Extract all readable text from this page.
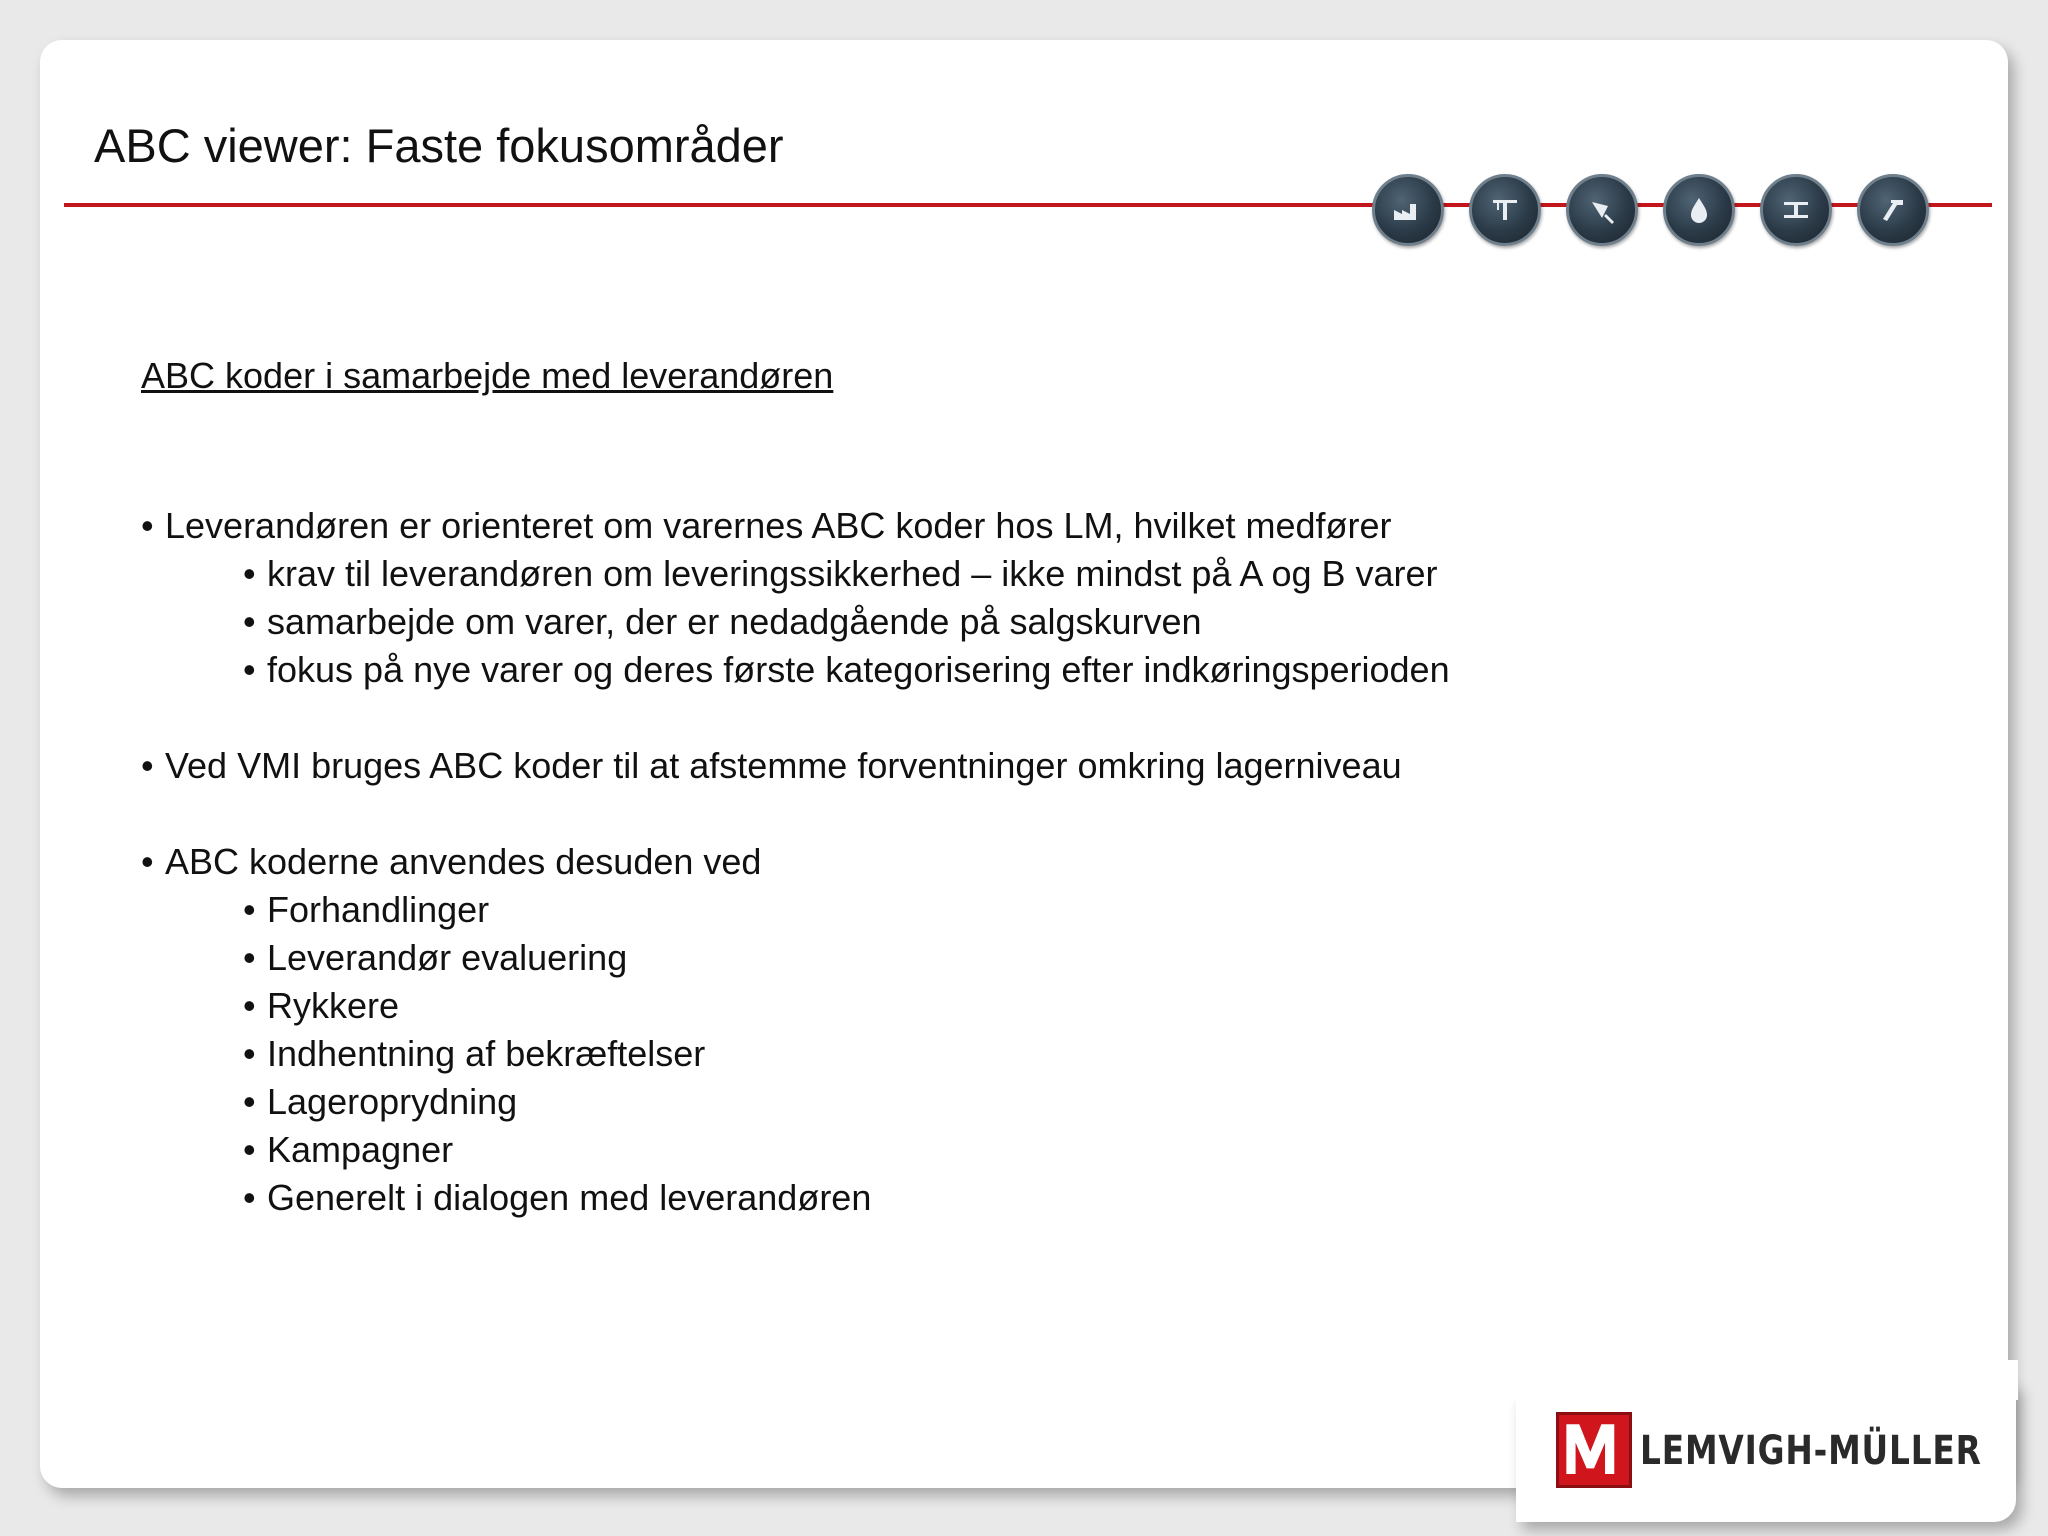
ABC viewer: Faste fokusområder
ABC koder i samarbejde med leverandøren
• Leverandøren er orienteret om varernes ABC koder hos LM, hvilket medfører
• krav til leverandøren om leveringssikkerhed – ikke mindst på A og B varer
• samarbejde om varer, der er nedadgående på salgskurven
• fokus på nye varer og deres første kategorisering efter indkøringsperioden
• Ved VMI bruges ABC koder til at afstemme forventninger omkring lagerniveau
• ABC koderne anvendes desuden ved
• Forhandlinger
• Leverandør evaluering
• Rykkere
• Indhentning af bekræftelser
• Lageroprydning
• Kampagner
• Generelt i dialogen med leverandøren
LEMVIGH-MÜLLER
